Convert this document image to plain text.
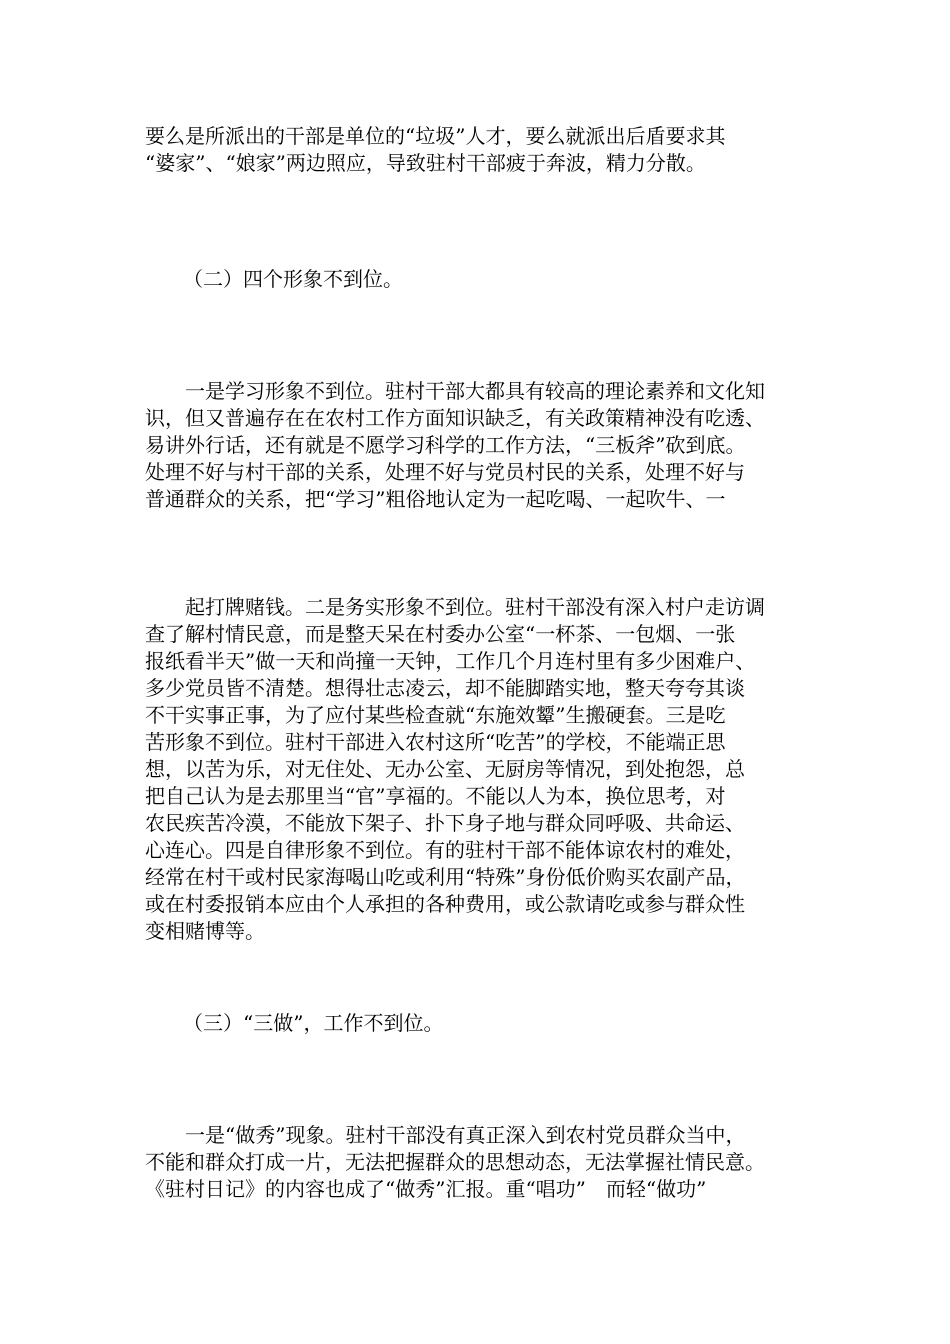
要么是所派出的干部是单位的“垃圾”人才，要么就派出后盾要求其
“婆家”、“娘家”两边照应，导致驻村干部疲于奔波，精力分散。
（二）四个形象不到位。
　　一是学习形象不到位。驻村干部大都具有较高的理论素养和文化知
识，但又普遍存在在农村工作方面知识缺乏，有关政策精神没有吃透、
易讲外行话，还有就是不愿学习科学的工作方法，“三板斧”砍到底。
处理不好与村干部的关系，处理不好与党员村民的关系，处理不好与
普通群众的关系，把“学习”粗俗地认定为一起吃喝、一起吹牛、一
　　起打牌赌钱。二是务实形象不到位。驻村干部没有深入村户走访调
查了解村情民意，而是整天呆在村委办公室“一杯茶、一包烟、一张
报纸看半天”做一天和尚撞一天钟，工作几个月连村里有多少困难户、
多少党员皆不清楚。想得壮志凌云，却不能脚踏实地，整天夸夸其谈
不干实事正事，为了应付某些检查就“东施效颦”生搬硬套。三是吃
苦形象不到位。驻村干部进入农村这所“吃苦”的学校，不能端正思
想，以苦为乐，对无住处、无办公室、无厨房等情况，到处抱怨，总
把自己认为是去那里当“官”享福的。不能以人为本，换位思考，对
农民疾苦冷漠，不能放下架子、扑下身子地与群众同呼吸、共命运、
心连心。四是自律形象不到位。有的驻村干部不能体谅农村的难处，
经常在村干或村民家海喝山吃或利用“特殊”身份低价购买农副产品，
或在村委报销本应由个人承担的各种费用，或公款请吃或参与群众性
变相赌博等。
（三）“三做”，工作不到位。
　　一是“做秀”现象。驻村干部没有真正深入到农村党员群众当中，
不能和群众打成一片，无法把握群众的思想动态，无法掌握社情民意。
《驻村日记》的内容也成了“做秀”汇报。重“唱功”　而轻“做功”
